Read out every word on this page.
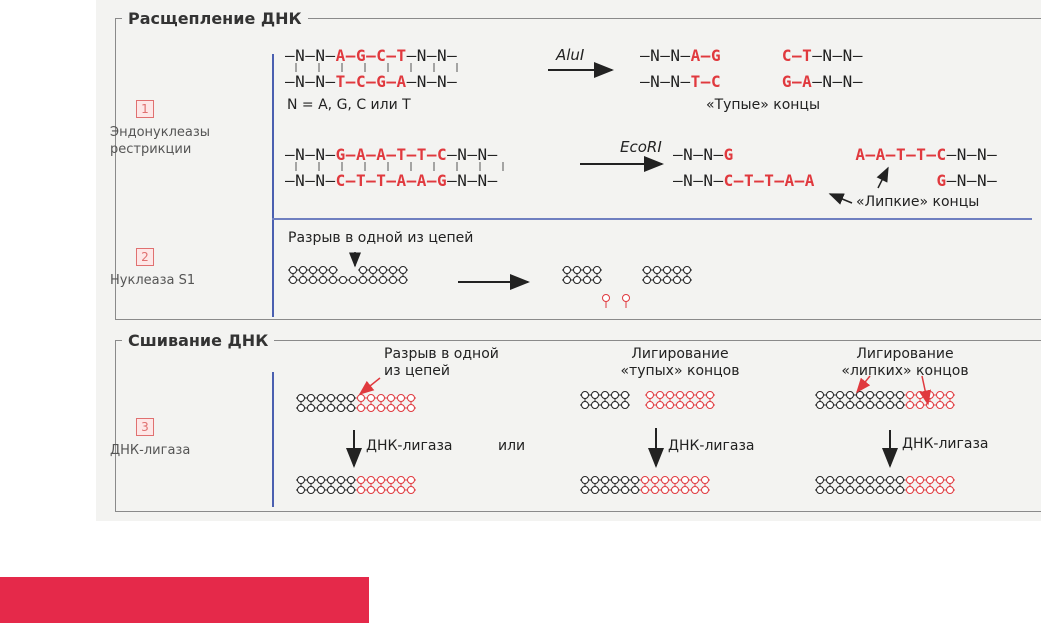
Расщепление ДНК
1
Эндонуклеазы рестрикции
2
Нуклеаза S1
–N–N–A–G–C–T–N–N–
–N–N–T–C–G–A–N–N–
N = A, G, C или T
AluI	–N–N–A–G	C–T–N–N–
–N–N–T–C	G–A–N–N–
«Тупые» концы
–N–N–G–A–A–T–T–C–N–N–
–N–N–C–T–T–A–A–G–N–N–
EcoRI –N–N–G	A–A–T–T–C–N–N–
–N–N–C–T–T–A–A	G–N–N–
«Липкие» концы
Разрыв в одной из цепей
Сшивание ДНК
3
ДНК-лигаза
Разрыв в одной из цепей
Лигирование «тупых» концов
Лигирование «липких» концов
ДНК-лигаза	или	ДНК-лигаза	ДНК-лигаза
